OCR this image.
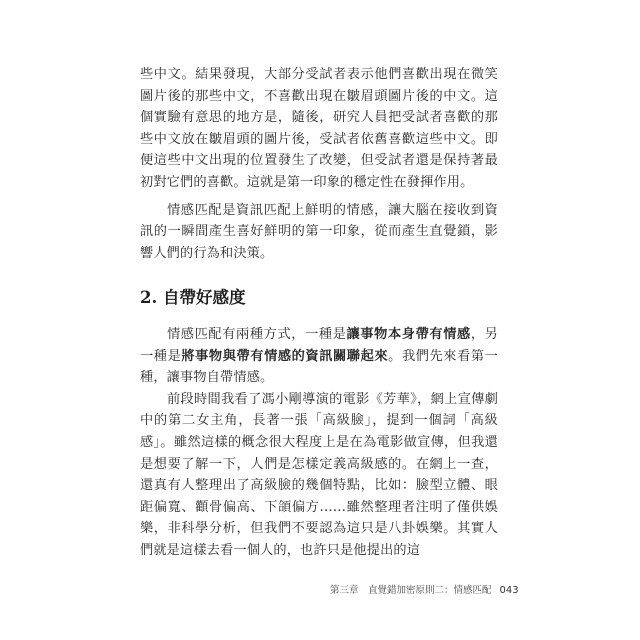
些中文。結果發現，大部分受試者表示他們喜歡出現在微笑圖片後的那些中文，不喜歡出現在皺眉頭圖片後的中文。這個實驗有意思的地方是，隨後，研究人員把受試者喜歡的那些中文放在皺眉頭的圖片後，受試者依舊喜歡這些中文。即便這些中文出現的位置發生了改變，但受試者還是保持著最初對它們的喜歡。這就是第一印象的穩定性在發揮作用。

情感匹配是資訊匹配上鮮明的情感，讓大腦在接收到資訊的一瞬間產生喜好鮮明的第一印象，從而產生直覺鎖，影響人們的行為和決策。

2. 自帶好感度

情感匹配有兩種方式，一種是讓事物本身帶有情感，另一種是將事物與帶有情感的資訊關聯起來。我們先來看第一種，讓事物自帶情感。

前段時間我看了馮小剛導演的電影《芳華》，網上宣傳劇中的第二女主角，長著一張「高級臉」，提到一個詞「高級感」。雖然這樣的概念很大程度上是在為電影做宣傳，但我還是想要了解一下，人們是怎樣定義高級感的。在網上一查，還真有人整理出了高級臉的幾個特點，比如：臉型立體、眼距偏寬、顴骨偏高、下頜偏方……雖然整理者注明了僅供娛樂，非科學分析，但我們不要認為這只是八卦娛樂。其實人們就是這樣去看一個人的，也許只是他提出的這

第三章　直覺錯加密原則二：情感匹配 043
